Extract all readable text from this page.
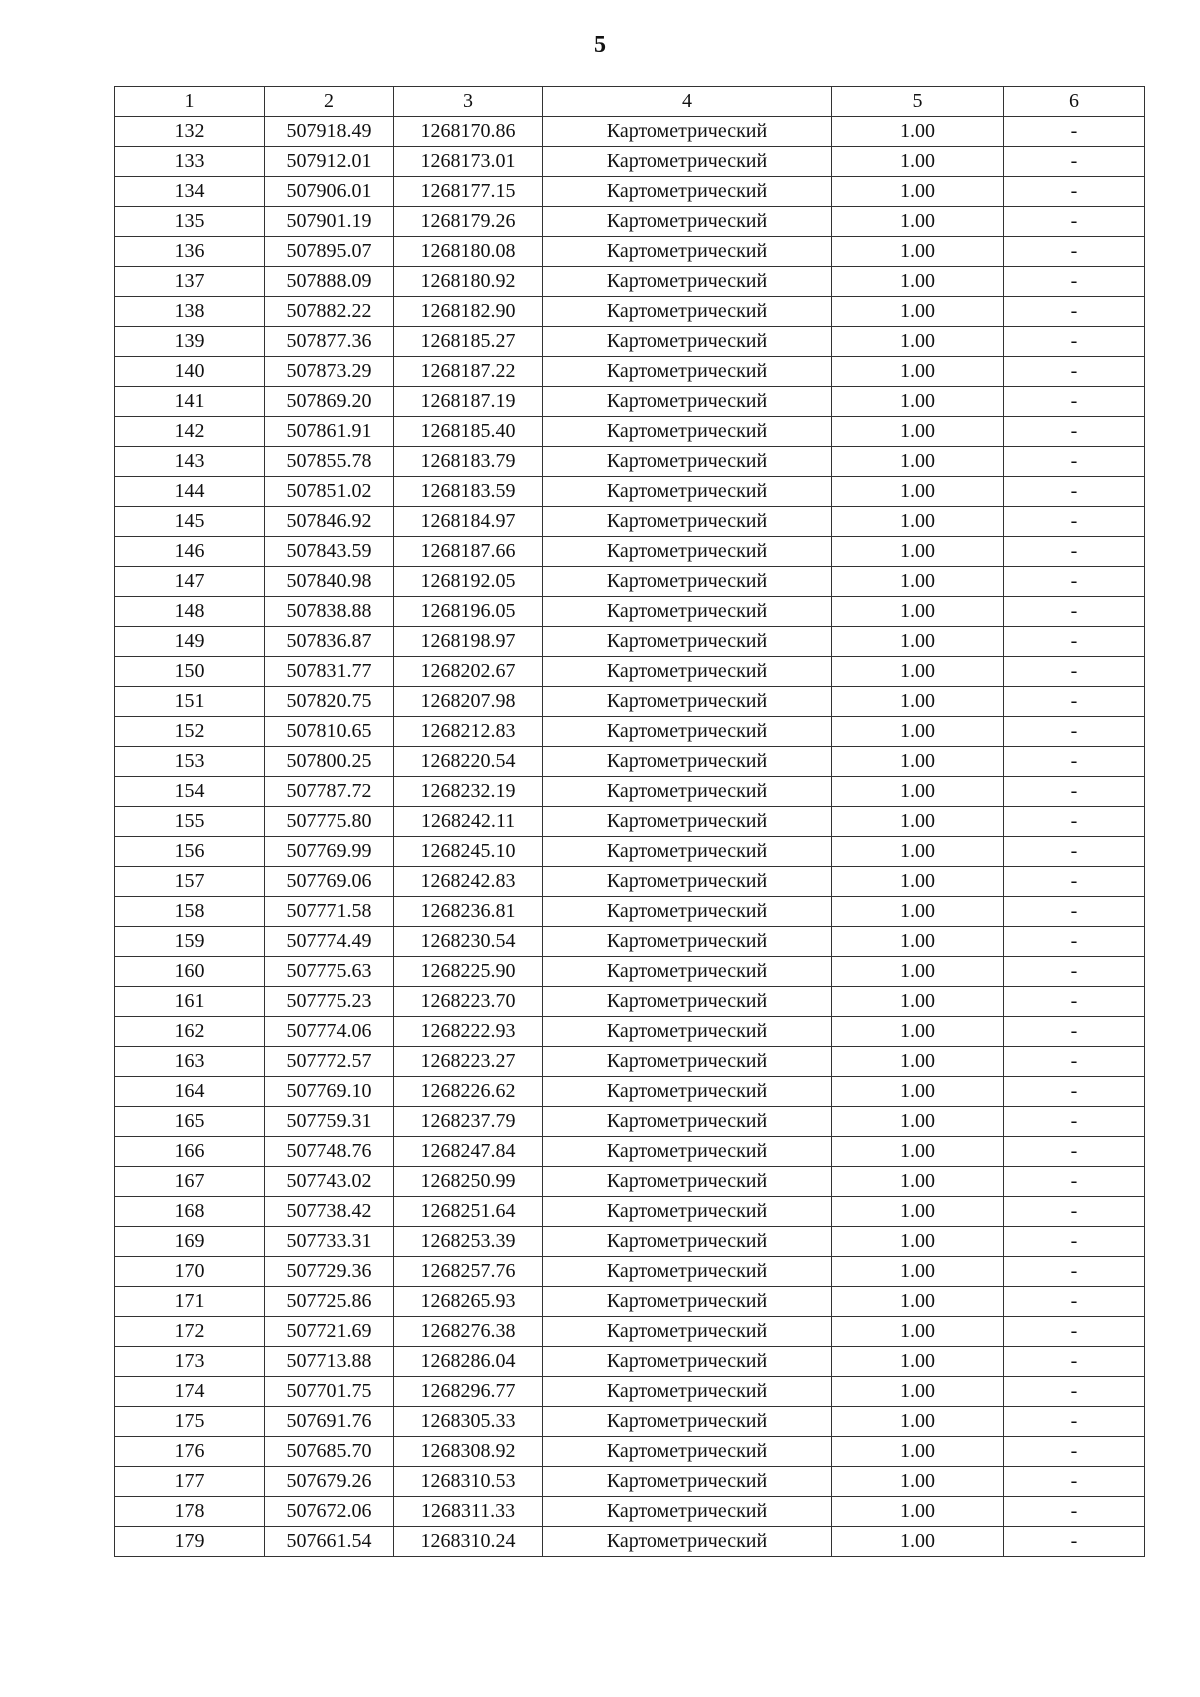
5
1	2	3	4	5	6
132	507918.49	1268170.86	Картометрический	1.00	-
133	507912.01	1268173.01	Картометрический	1.00	-
134	507906.01	1268177.15	Картометрический	1.00	-
135	507901.19	1268179.26	Картометрический	1.00	-
136	507895.07	1268180.08	Картометрический	1.00	-
137	507888.09	1268180.92	Картометрический	1.00	-
138	507882.22	1268182.90	Картометрический	1.00	-
139	507877.36	1268185.27	Картометрический	1.00	-
140	507873.29	1268187.22	Картометрический	1.00	-
141	507869.20	1268187.19	Картометрический	1.00	-
142	507861.91	1268185.40	Картометрический	1.00	-
143	507855.78	1268183.79	Картометрический	1.00	-
144	507851.02	1268183.59	Картометрический	1.00	-
145	507846.92	1268184.97	Картометрический	1.00	-
146	507843.59	1268187.66	Картометрический	1.00	-
147	507840.98	1268192.05	Картометрический	1.00	-
148	507838.88	1268196.05	Картометрический	1.00	-
149	507836.87	1268198.97	Картометрический	1.00	-
150	507831.77	1268202.67	Картометрический	1.00	-
151	507820.75	1268207.98	Картометрический	1.00	-
152	507810.65	1268212.83	Картометрический	1.00	-
153	507800.25	1268220.54	Картометрический	1.00	-
154	507787.72	1268232.19	Картометрический	1.00	-
155	507775.80	1268242.11	Картометрический	1.00	-
156	507769.99	1268245.10	Картометрический	1.00	-
157	507769.06	1268242.83	Картометрический	1.00	-
158	507771.58	1268236.81	Картометрический	1.00	-
159	507774.49	1268230.54	Картометрический	1.00	-
160	507775.63	1268225.90	Картометрический	1.00	-
161	507775.23	1268223.70	Картометрический	1.00	-
162	507774.06	1268222.93	Картометрический	1.00	-
163	507772.57	1268223.27	Картометрический	1.00	-
164	507769.10	1268226.62	Картометрический	1.00	-
165	507759.31	1268237.79	Картометрический	1.00	-
166	507748.76	1268247.84	Картометрический	1.00	-
167	507743.02	1268250.99	Картометрический	1.00	-
168	507738.42	1268251.64	Картометрический	1.00	-
169	507733.31	1268253.39	Картометрический	1.00	-
170	507729.36	1268257.76	Картометрический	1.00	-
171	507725.86	1268265.93	Картометрический	1.00	-
172	507721.69	1268276.38	Картометрический	1.00	-
173	507713.88	1268286.04	Картометрический	1.00	-
174	507701.75	1268296.77	Картометрический	1.00	-
175	507691.76	1268305.33	Картометрический	1.00	-
176	507685.70	1268308.92	Картометрический	1.00	-
177	507679.26	1268310.53	Картометрический	1.00	-
178	507672.06	1268311.33	Картометрический	1.00	-
179	507661.54	1268310.24	Картометрический	1.00	-
